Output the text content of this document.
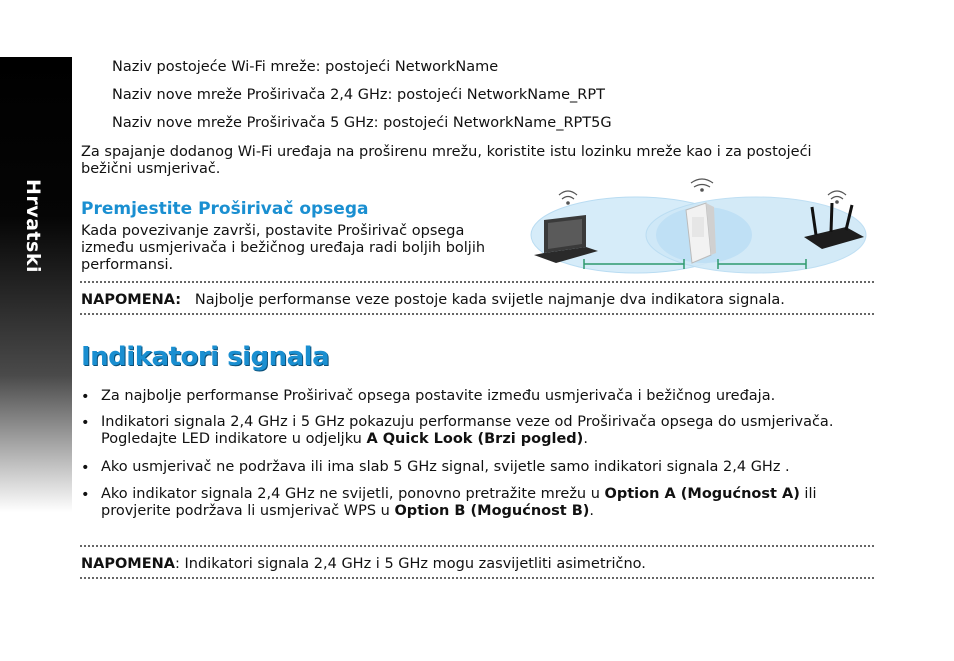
Hrvatski
Naziv postojeće Wi-Fi mreže: postojeći NetworkName
Naziv nove mreže Proširivača 2,4 GHz: postojeći NetworkName_RPT
Naziv nove mreže Proširivača 5 GHz: postojeći NetworkName_RPT5G
Za spajanje dodanog Wi-Fi uređaja na proširenu mrežu, koristite istu lozinku mreže kao i za postojeći bežični usmjerivač.
Premjestite Proširivač opsega
Kada povezivanje završi, postavite Proširivač opsega između usmjerivača i bežičnog uređaja radi boljih boljih performansi.
NAPOMENA: Najbolje performanse veze postoje kada svijetle najmanje dva indikatora signala.
Indikatori signala
• Za najbolje performanse Proširivač opsega postavite između usmjerivača i bežičnog uređaja.
• Indikatori signala 2,4 GHz i 5 GHz pokazuju performanse veze od Proširivača opsega do usmjerivača. Pogledajte LED indikatore u odjeljku A Quick Look (Brzi pogled).
• Ako usmjerivač ne podržava ili ima slab 5 GHz signal, svijetle samo indikatori signala 2,4 GHz .
• Ako indikator signala 2,4 GHz ne svijetli, ponovno pretražite mrežu u Option A (Mogućnost A) ili provjerite podržava li usmjerivač WPS u Option B (Mogućnost B).
NAPOMENA: Indikatori signala 2,4 GHz i 5 GHz mogu zasvijetliti asimetrično.
